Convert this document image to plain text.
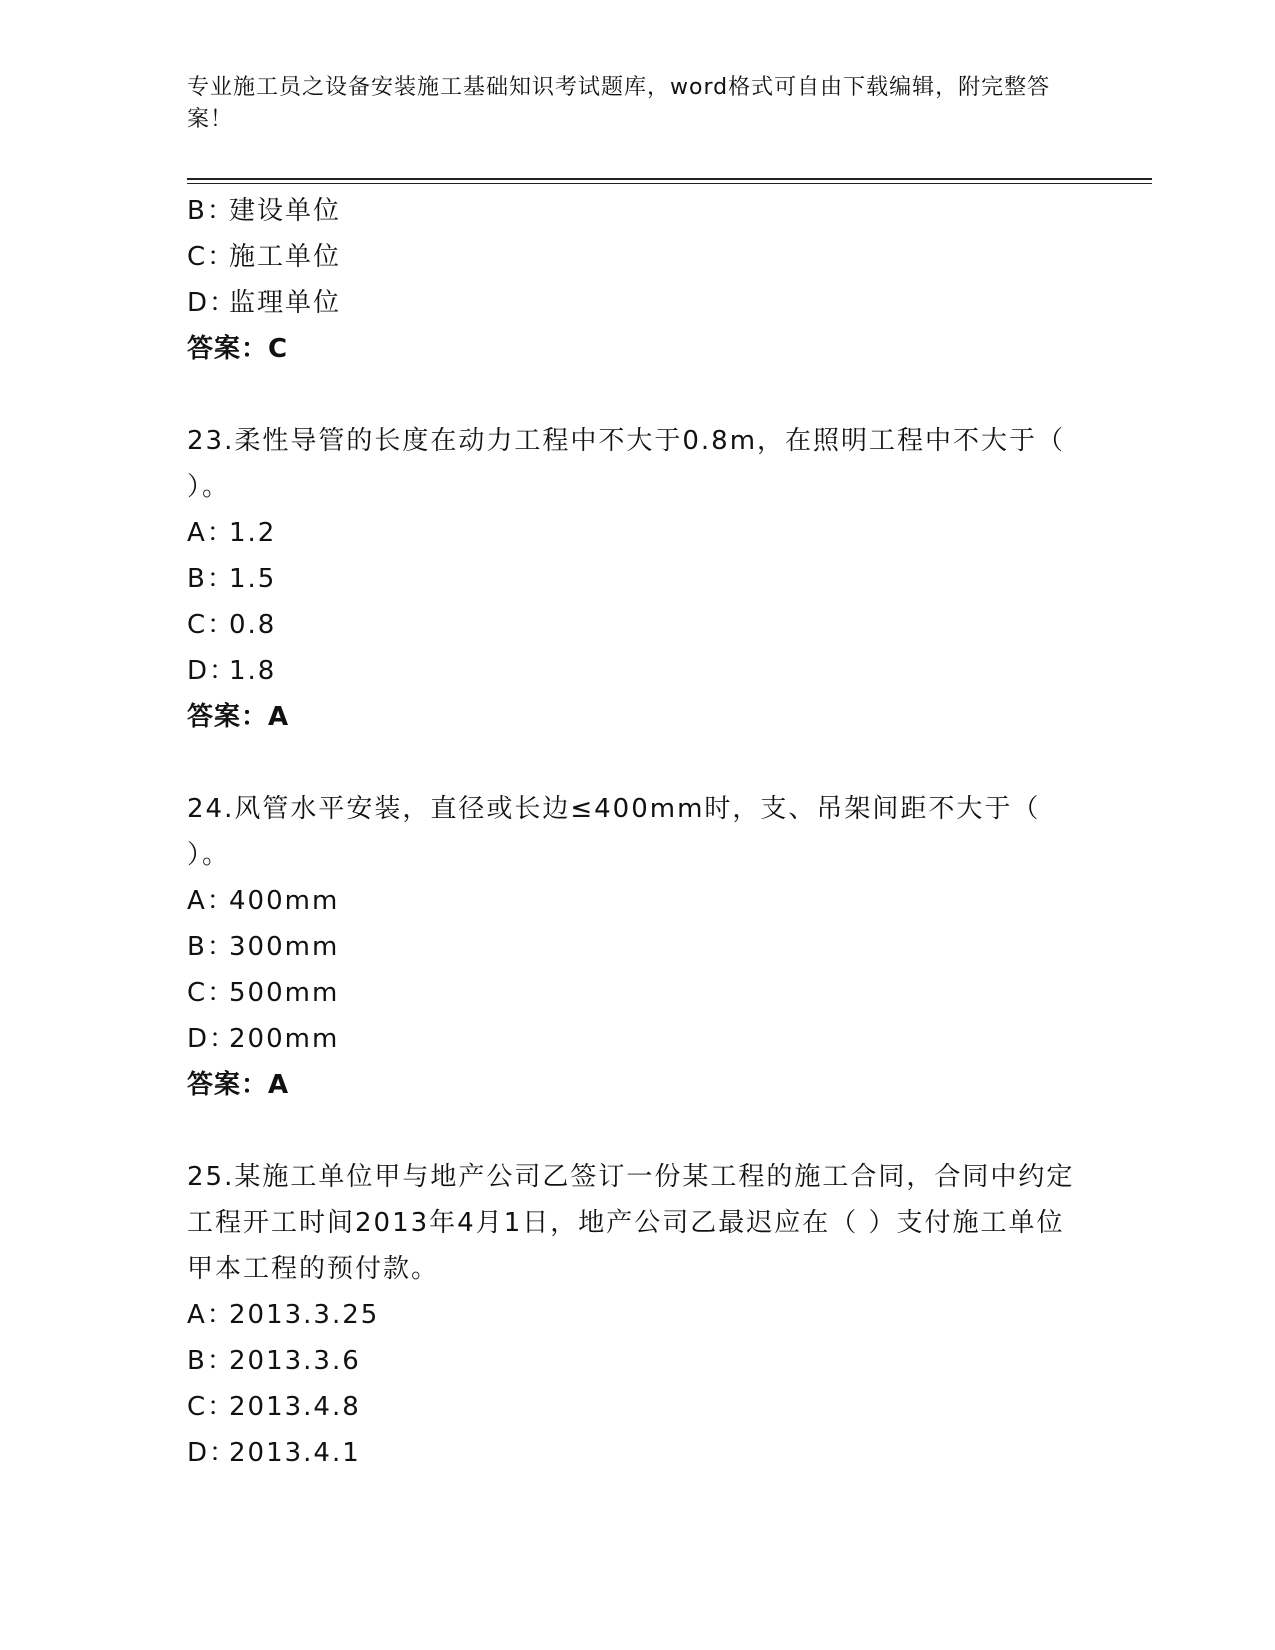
专业施工员之设备安装施工基础知识考试题库，word格式可自由下载编辑，附完整答案！
B：建设单位
C：施工单位
D：监理单位
答案：C
23.柔性导管的长度在动力工程中不大于0.8m，在照明工程中不大于（ ）。
A：1.2
B：1.5
C：0.8
D：1.8
答案：A
24.风管水平安装，直径或长边≤400mm时，支、吊架间距不大于（ ）。
A：400mm
B：300mm
C：500mm
D：200mm
答案：A
25.某施工单位甲与地产公司乙签订一份某工程的施工合同，合同中约定工程开工时间2013年4月1日，地产公司乙最迟应在（ ）支付施工单位甲本工程的预付款。
A：2013.3.25
B：2013.3.6
C：2013.4.8
D：2013.4.1
